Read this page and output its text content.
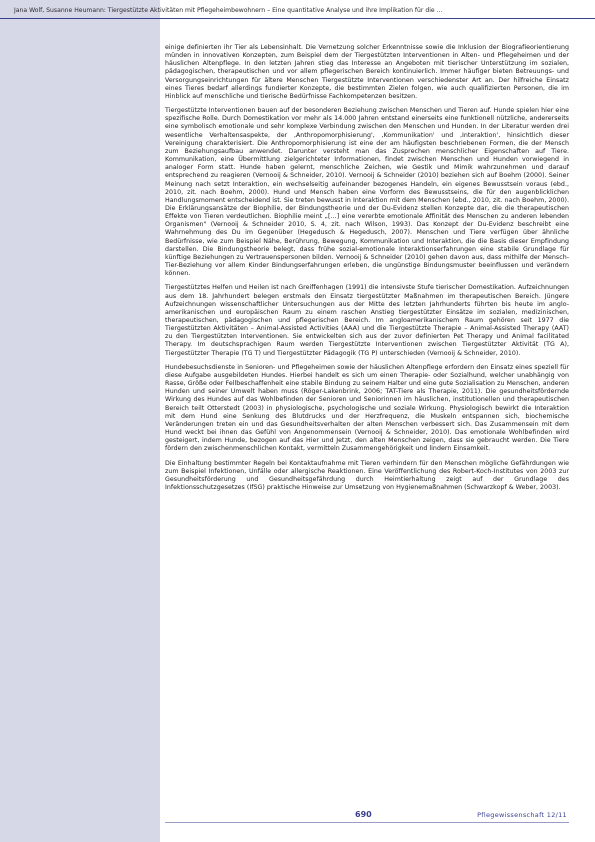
Jana Wolf, Susanne Heumann: Tiergestützte Aktivitäten mit Pflegeheimbewohnern – Eine quantitative Analyse und ihre Implikation für die …

einige definierten ihr Tier als Lebensinhalt. Die Vernetzung solcher Erkenntnisse sowie die Inklusion der Biografieorientierung münden in innovativen Konzepten, zum Beispiel dem der Tiergestützten Interventionen in Alten- und Pflegeheimen und der häuslichen Altenpflege. In den letzten Jahren stieg das Interesse an Angeboten mit tierischer Unterstützung im sozialen, pädagogischen, therapeutischen und vor allem pflegerischen Bereich kontinuierlich. Immer häufiger bieten Betreuungs- und Versorgungseinrichtungen für ältere Menschen Tiergestützte Interventionen verschiedenster Art an. Der hilfreiche Einsatz eines Tieres bedarf allerdings fundierter Konzepte, die bestimmten Zielen folgen, wie auch qualifizierten Personen, die im Hinblick auf menschliche und tierische Bedürfnisse Fachkompetenzen besitzen.

Tiergestützte Interventionen bauen auf der besonderen Beziehung zwischen Menschen und Tieren auf. Hunde spielen hier eine spezifische Rolle. Durch Domestikation vor mehr als 14.000 Jahren entstand einerseits eine funktionell nützliche, andererseits eine symbolisch emotionale und sehr komplexe Verbindung zwischen den Menschen und Hunden. In der Literatur werden drei wesentliche Verhaltensaspekte, der ‚Anthropomorphisierung', ‚Kommunikation' und ‚Interaktion', hinsichtlich dieser Vereinigung charakterisiert. Die Anthropomorphisierung ist eine der am häufigsten beschriebenen Formen, die der Mensch zum Beziehungsaufbau anwendet. Darunter versteht man das Zusprechen menschlicher Eigenschaften auf Tiere. Kommunikation, eine Übermittlung zielgerichteter Informationen, findet zwischen Menschen und Hunden vorwiegend in analoger Form statt. Hunde haben gelernt, menschliche Zeichen, wie Gestik und Mimik wahrzunehmen und darauf entsprechend zu reagieren (Vernooij & Schneider, 2010). Vernooij & Schneider (2010) beziehen sich auf Boehm (2000). Seiner Meinung nach setzt Interaktion, ein wechselseitig aufeinander bezogenes Handeln, ein eigenes Bewusstsein voraus (ebd., 2010, zit. nach Boehm, 2000). Hund und Mensch haben eine Vorform des Bewusstseins, die für den augenblicklichen Handlungsmoment entscheidend ist. Sie treten bewusst in Interaktion mit dem Menschen (ebd., 2010, zit. nach Boehm, 2000). Die Erklärungsansätze der Biophilie, der Bindungstheorie und der Du-Evidenz stellen Konzepte dar, die die therapeutischen Effekte von Tieren verdeutlichen. Biophilie meint „[…] eine vererbte emotionale Affinität des Menschen zu anderen lebenden Organismen" (Vernooij & Schneider 2010, S. 4, zit. nach Wilson, 1993). Das Konzept der Du-Evidenz beschreibt eine Wahrnehmung des Du im Gegenüber (Hegedusch & Hegedusch, 2007). Menschen und Tiere verfügen über ähnliche Bedürfnisse, wie zum Beispiel Nähe, Berührung, Bewegung, Kommunikation und Interaktion, die die Basis dieser Empfindung darstellen. Die Bindungstheorie belegt, dass frühe sozial-emotionale Interaktionserfahrungen eine stabile Grundlage für künftige Beziehungen zu Vertrauenspersonen bilden. Vernooij & Schneider (2010) gehen davon aus, dass mithilfe der Mensch-Tier-Beziehung vor allem Kinder Bindungserfahrungen erleben, die ungünstige Bindungsmuster beeinflussen und verändern können.

Tiergestütztes Helfen und Heilen ist nach Greiffenhagen (1991) die intensivste Stufe tierischer Domestikation. Aufzeichnungen aus dem 18. Jahrhundert belegen erstmals den Einsatz tiergestützter Maßnahmen im therapeutischen Bereich. Jüngere Aufzeichnungen wissenschaftlicher Untersuchungen aus der Mitte des letzten Jahrhunderts führten bis heute im anglo-amerikanischen und europäischen Raum zu einem raschen Anstieg tiergestützter Einsätze im sozialen, medizinischen, therapeutischen, pädagogischen und pflegerischen Bereich. Im angloamerikanischem Raum gehören seit 1977 die Tiergestützten Aktivitäten – Animal-Assisted Activities (AAA) und die Tiergestützte Therapie – Animal-Assisted Therapy (AAT) zu den Tiergestützten Interventionen. Sie entwickelten sich aus der zuvor definierten Pet Therapy und Animal facilitated Therapy. Im deutschsprachigen Raum werden Tiergestützte Interventionen zwischen Tiergestützter Aktivität (TG A), Tiergestützter Therapie (TG T) und Tiergestützter Pädagogik (TG P) unterschieden (Vernooij & Schneider, 2010).

Hundebesuchsdienste in Senioren- und Pflegeheimen sowie der häuslichen Altenpflege erfordern den Einsatz eines speziell für diese Aufgabe ausgebildeten Hundes. Hierbei handelt es sich um einen Therapie- oder Sozialhund, welcher unabhängig von Rasse, Größe oder Fellbeschaffenheit eine stabile Bindung zu seinem Halter und eine gute Sozialisation zu Menschen, anderen Hunden und seiner Umwelt haben muss (Röger-Lakenbrink, 2006; TAT-Tiere als Therapie, 2011). Die gesundheitsfördernde Wirkung des Hundes auf das Wohlbefinden der Senioren und Seniorinnen im häuslichen, institutionellen und therapeutischen Bereich teilt Otterstedt (2003) in physiologische, psychologische und soziale Wirkung. Physiologisch bewirkt die Interaktion mit dem Hund eine Senkung des Blutdrucks und der Herzfrequenz, die Muskeln entspannen sich, biochemische Veränderungen treten ein und das Gesundheitsverhalten der alten Menschen verbessert sich. Das Zusammensein mit dem Hund weckt bei ihnen das Gefühl von Angenommensein (Vernooij & Schneider, 2010). Das emotionale Wohlbefinden wird gesteigert, indem Hunde, bezogen auf das Hier und Jetzt, den alten Menschen zeigen, dass sie gebraucht werden. Die Tiere fördern den zwischenmenschlichen Kontakt, vermitteln Zusammengehörigkeit und lindern Einsamkeit.

Die Einhaltung bestimmter Regeln bei Kontaktaufnahme mit Tieren verhindern für den Menschen mögliche Gefährdungen wie zum Beispiel Infektionen, Unfälle oder allergische Reaktionen. Eine Veröffentlichung des Robert-Koch-Institutes von 2003 zur Gesundheitsförderung und Gesundheitsgefährdung durch Heimtierhaltung zeigt auf der Grundlage des Infektionsschutzgesetzes (IfSG) praktische Hinweise zur Umsetzung von Hygienemaßnahmen (Schwarzkopf & Weber, 2003).

690	Pflegewissenschaft 12/11
